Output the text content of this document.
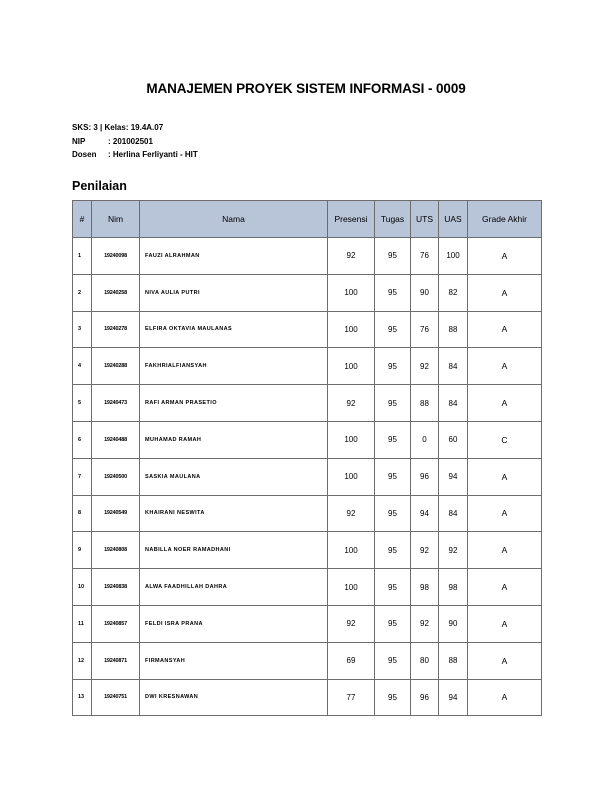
MANAJEMEN PROYEK SISTEM INFORMASI - 0009
SKS: 3 | Kelas: 19.4A.07
NIP	: 201002501
Dosen	: Herlina Ferliyanti - HIT
Penilaian
#	Nim	Nama	Presensi	Tugas	UTS	UAS	Grade Akhir
1	19240098	FAUZI ALRAHMAN	92	95	76	100	A
2	19240258	NIVA AULIA PUTRI	100	95	90	82	A
3	19240278	ELFIRA OKTAVIA MAULANAS	100	95	76	88	A
4	19240288	FAKHRIALFIANSYAH	100	95	92	84	A
5	19240473	RAFI ARMAN PRASETIO	92	95	88	84	A
6	19240488	MUHAMAD RAMAH	100	95	0	60	C
7	19240500	SASKIA MAULANA	100	95	96	94	A
8	19240549	KHAIRANI NESWITA	92	95	94	84	A
9	19240808	NABILLA NOER RAMADHANI	100	95	92	92	A
10	19240838	ALWA FAADHILLAH DAHRA	100	95	98	98	A
11	19240857	FELDI ISRA PRANA	92	95	92	90	A
12	19240871	FIRMANSYAH	69	95	80	88	A
13	19240751	DWI KRESNAWAN	77	95	96	94	A
